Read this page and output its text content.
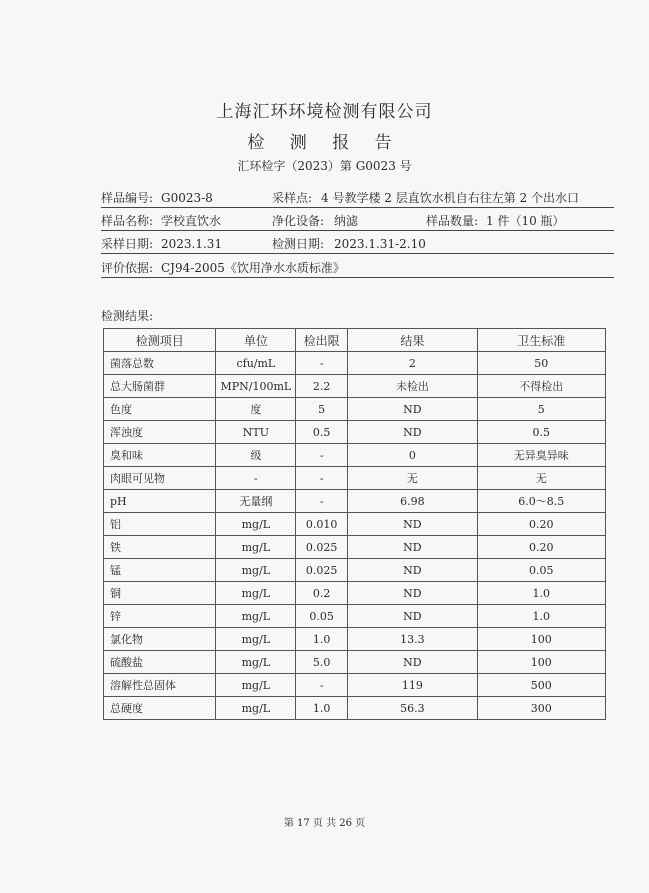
上海汇环环境检测有限公司
检 测 报 告
汇环检字（2023）第 G0023 号
样品编号: G0023-8	采样点: 4 号教学楼 2 层直饮水机自右往左第 2 个出水口
样品名称: 学校直饮水	净化设备: 纳滤	样品数量: 1 件（10 瓶）
采样日期: 2023.1.31	检测日期: 2023.1.31-2.10
评价依据: CJ94-2005《饮用净水水质标准》
检测结果:
检测项目	单位	检出限	结果	卫生标准
菌落总数	cfu/mL	-	2	50
总大肠菌群	MPN/100mL	2.2	未检出	不得检出
色度	度	5	ND	5
浑浊度	NTU	0.5	ND	0.5
臭和味	级	-	0	无异臭异味
肉眼可见物	-	-	无	无
pH	无量纲	-	6.98	6.0～8.5
铝	mg/L	0.010	ND	0.20
铁	mg/L	0.025	ND	0.20
锰	mg/L	0.025	ND	0.05
铜	mg/L	0.2	ND	1.0
锌	mg/L	0.05	ND	1.0
氯化物	mg/L	1.0	13.3	100
硫酸盐	mg/L	5.0	ND	100
溶解性总固体	mg/L	-	119	500
总硬度	mg/L	1.0	56.3	300
第 17 页 共 26 页
